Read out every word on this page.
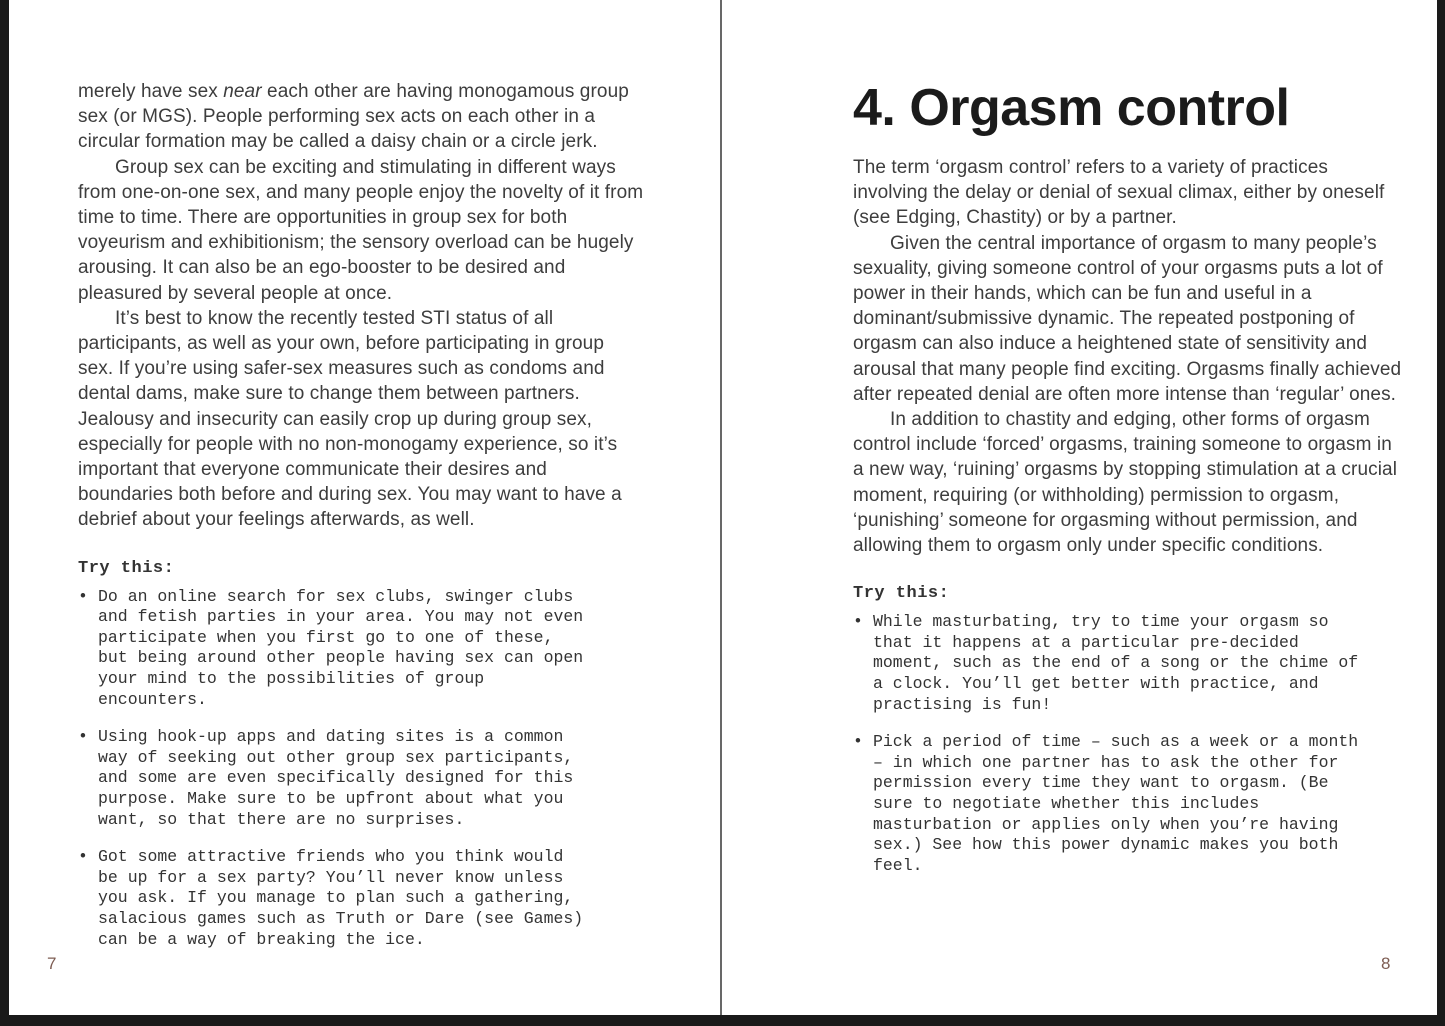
merely have sex near each other are having monogamous group sex (or MGS). People performing sex acts on each other in a circular formation may be called a daisy chain or a circle jerk.

Group sex can be exciting and stimulating in different ways from one-on-one sex, and many people enjoy the novelty of it from time to time. There are opportunities in group sex for both voyeurism and exhibitionism; the sensory overload can be hugely arousing. It can also be an ego-booster to be desired and pleasured by several people at once.

It’s best to know the recently tested STI status of all participants, as well as your own, before participating in group sex. If you’re using safer-sex measures such as condoms and dental dams, make sure to change them between partners. Jealousy and insecurity can easily crop up during group sex, especially for people with no non-monogamy experience, so it’s important that everyone communicate their desires and boundaries both before and during sex. You may want to have a debrief about your feelings afterwards, as well.

Try this:
• Do an online search for sex clubs, swinger clubs and fetish parties in your area. You may not even participate when you first go to one of these, but being around other people having sex can open your mind to the possibilities of group encounters.
• Using hook-up apps and dating sites is a common way of seeking out other group sex participants, and some are even specifically designed for this purpose. Make sure to be upfront about what you want, so that there are no surprises.
• Got some attractive friends who you think would be up for a sex party? You’ll never know unless you ask. If you manage to plan such a gathering, salacious games such as Truth or Dare (see Games) can be a way of breaking the ice.
4. Orgasm control

The term ‘orgasm control’ refers to a variety of practices involving the delay or denial of sexual climax, either by oneself (see Edging, Chastity) or by a partner.

Given the central importance of orgasm to many people’s sexuality, giving someone control of your orgasms puts a lot of power in their hands, which can be fun and useful in a dominant/submissive dynamic. The repeated postponing of orgasm can also induce a heightened state of sensitivity and arousal that many people find exciting. Orgasms finally achieved after repeated denial are often more intense than ‘regular’ ones.

In addition to chastity and edging, other forms of orgasm control include ‘forced’ orgasms, training someone to orgasm in a new way, ‘ruining’ orgasms by stopping stimulation at a crucial moment, requiring (or withholding) permission to orgasm, ‘punishing’ someone for orgasming without permission, and allowing them to orgasm only under specific conditions.

Try this:
• While masturbating, try to time your orgasm so that it happens at a particular pre-decided moment, such as the end of a song or the chime of a clock. You’ll get better with practice, and practising is fun!
• Pick a period of time – such as a week or a month – in which one partner has to ask the other for permission every time they want to orgasm. (Be sure to negotiate whether this includes masturbation or applies only when you’re having sex.) See how this power dynamic makes you both feel.
7	8
